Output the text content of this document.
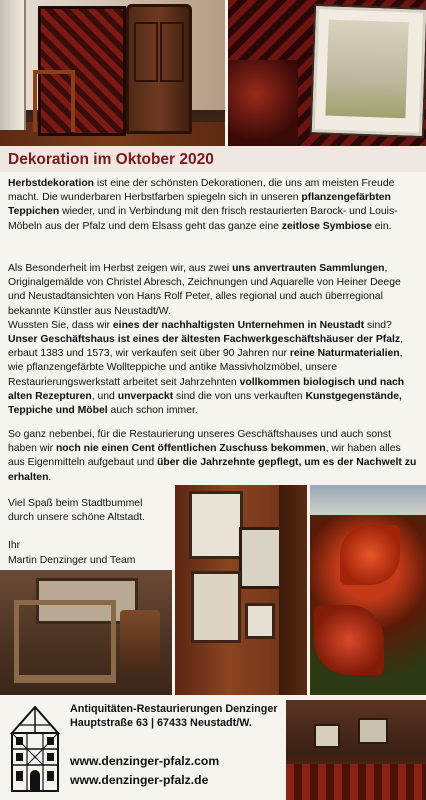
Dekoration im Oktober 2020
Herbstdekoration ist eine der schönsten Dekorationen, die uns am meisten Freude macht. Die wunderbaren Herbstfarben spiegeln sich in unseren pflanzengefärbten Teppichen wieder, und in Verbindung mit den frisch restaurierten Barock- und Louis-Möbeln aus der Pfalz und dem Elsass geht das ganze eine zeitlose Symbiose ein.
Als Besonderheit im Herbst zeigen wir, aus zwei uns anvertrauten Sammlungen, Originalgemälde von Christel Abresch, Zeichnungen und Aquarelle von Heiner Deege und Neustadtansichten von Hans Rolf Peter, alles regional und auch überregional bekannte Künstler aus Neustadt/W.
Wussten Sie, dass wir eines der nachhaltigsten Unternehmen in Neustadt sind? Unser Geschäftshaus ist eines der ältesten Fachwerkgeschäftshäuser der Pfalz, erbaut 1383 und 1573, wir verkaufen seit über 90 Jahren nur reine Naturmaterialien, wie pflanzengefärbte Wollteppiche und antike Massivholzmöbel, unsere Restaurierungswerkstatt arbeitet seit Jahrzehnten vollkommen biologisch und nach alten Rezepturen, und unverpackt sind die von uns verkauften Kunstgegenstände, Teppiche und Möbel auch schon immer.
So ganz nebenbei, für die Restaurierung unseres Geschäftshauses und auch sonst haben wir noch nie einen Cent öffentlichen Zuschuss bekommen, wir haben alles aus Eigenmitteln aufgebaut und über die Jahrzehnte gepflegt, um es der Nachwelt zu erhalten.
Viel Spaß beim Stadtbummel
durch unsere schöne Altstadt.
Ihr
Martin Denzinger und Team
Antiquitäten-Restaurierungen Denzinger
Hauptstraße 63 | 67433 Neustadt/W.
www.denzinger-pfalz.com
www.denzinger-pfalz.de
